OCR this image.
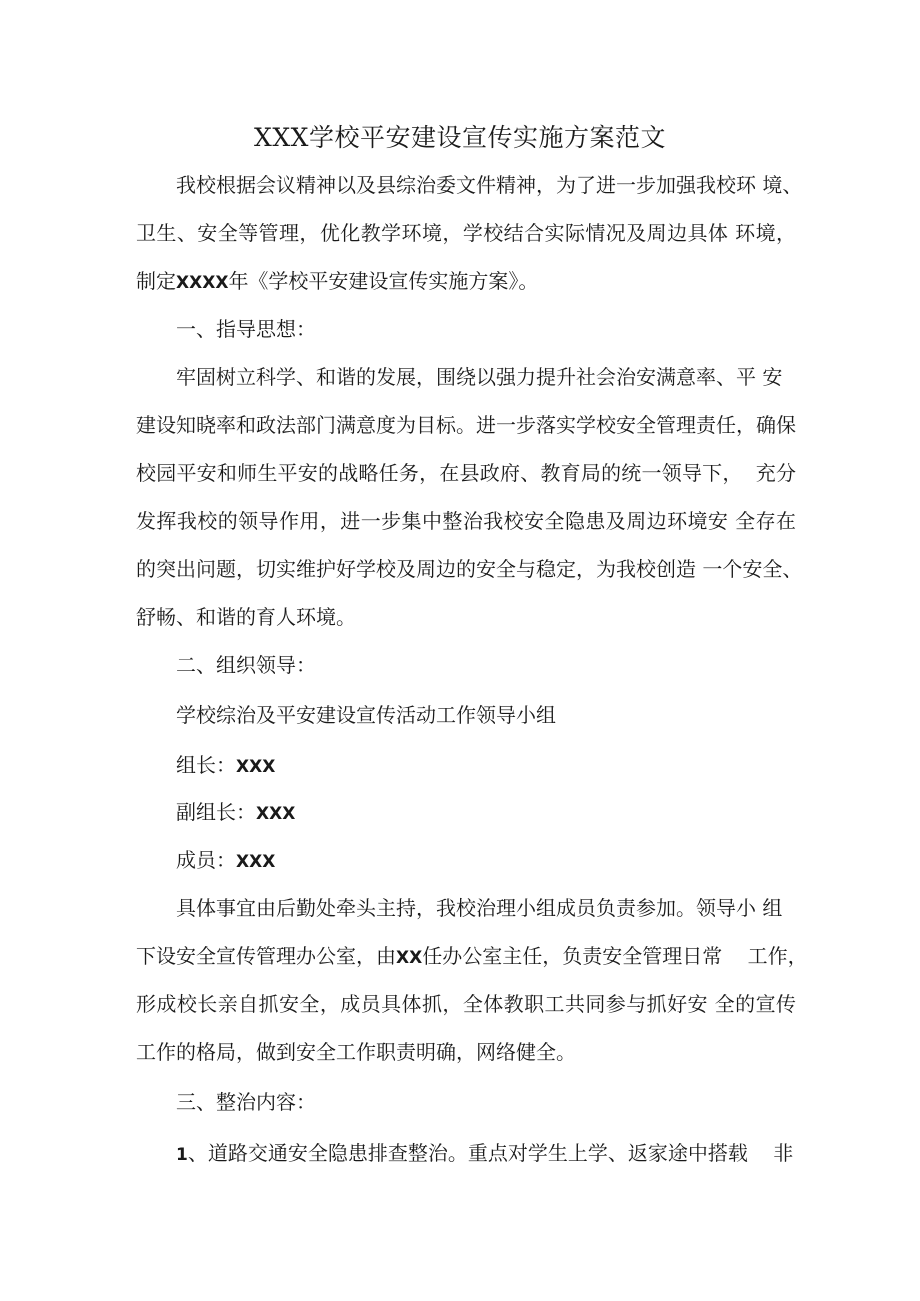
XXX学校平安建设宣传实施方案范文
我校根据会议精神以及县综治委文件精神，为了进一步加强我校环 境、
卫生、安全等管理，优化教学环境，学校结合实际情况及周边具体 环境，
制定XXXX年《学校平安建设宣传实施方案》。
一、指导思想：
牢固树立科学、和谐的发展，围绕以强力提升社会治安满意率、平 安
建设知晓率和政法部门满意度为目标。进一步落实学校安全管理责任，确保
校园平安和师生平安的战略任务，在县政府、教育局的统一领导下，  充分
发挥我校的领导作用，进一步集中整治我校安全隐患及周边环境安 全存在
的突出问题，切实维护好学校及周边的安全与稳定，为我校创造 一个安全、
舒畅、和谐的育人环境。
二、组织领导：
学校综治及平安建设宣传活动工作领导小组
组长：XXX
副组长：XXX
成员：XXX
具体事宜由后勤处牵头主持，我校治理小组成员负责参加。领导小 组
下设安全宣传管理办公室，由XX任办公室主任，负责安全管理日常    工作，
形成校长亲自抓安全，成员具体抓，全体教职工共同参与抓好安 全的宣传
工作的格局，做到安全工作职责明确，网络健全。
三、整治内容：
1、道路交通安全隐患排查整治。重点对学生上学、返家途中搭载    非
